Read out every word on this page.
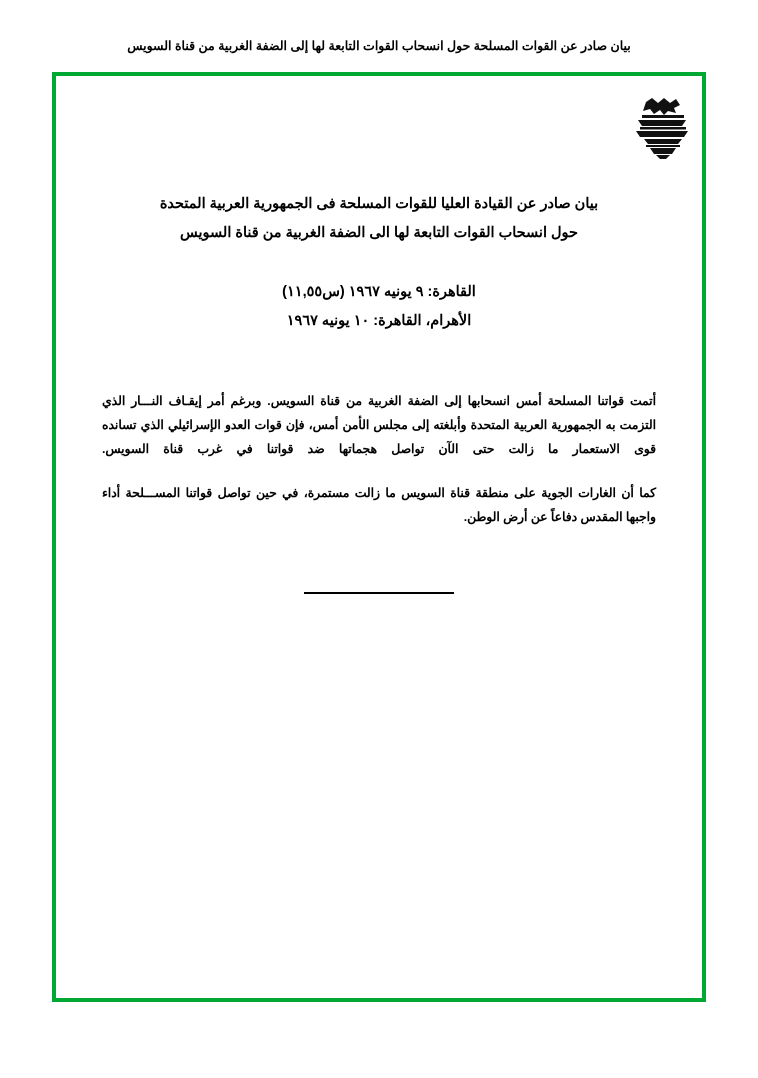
بيان صادر عن القوات المسلحة حول انسحاب القوات التابعة لها إلى الضفة الغربية من قناة السويس
بيان صادر عن القيادة العليا للقوات المسلحة فى الجمهورية العربية المتحدة
حول انسحاب القوات التابعة لها الى الضفة الغربية من قناة السويس
القاهرة: ٩ يونيه ١٩٦٧ (س١١,٥٥)
الأهرام، القاهرة: ١٠ يونيه ١٩٦٧

أتمت قواتنا المسلحة أمس انسحابها إلى الضفة الغربية من قناة السويس. وبرغم أمر إيقـاف النـــار الذي التزمت به الجمهورية العربية المتحدة وأبلغته إلى مجلس الأمن أمس، فإن قوات العدو الإسرائيلي الذي تسانده قوى الاستعمار ما زالت حتى الآن تواصل هجماتها ضد قواتنا في غرب قناة السويس.

كما أن الغارات الجوية على منطقة قناة السويس ما زالت مستمرة، في حين تواصل قواتنا المســـلحة أداء واجبها المقدس دفاعاً عن أرض الوطن.
